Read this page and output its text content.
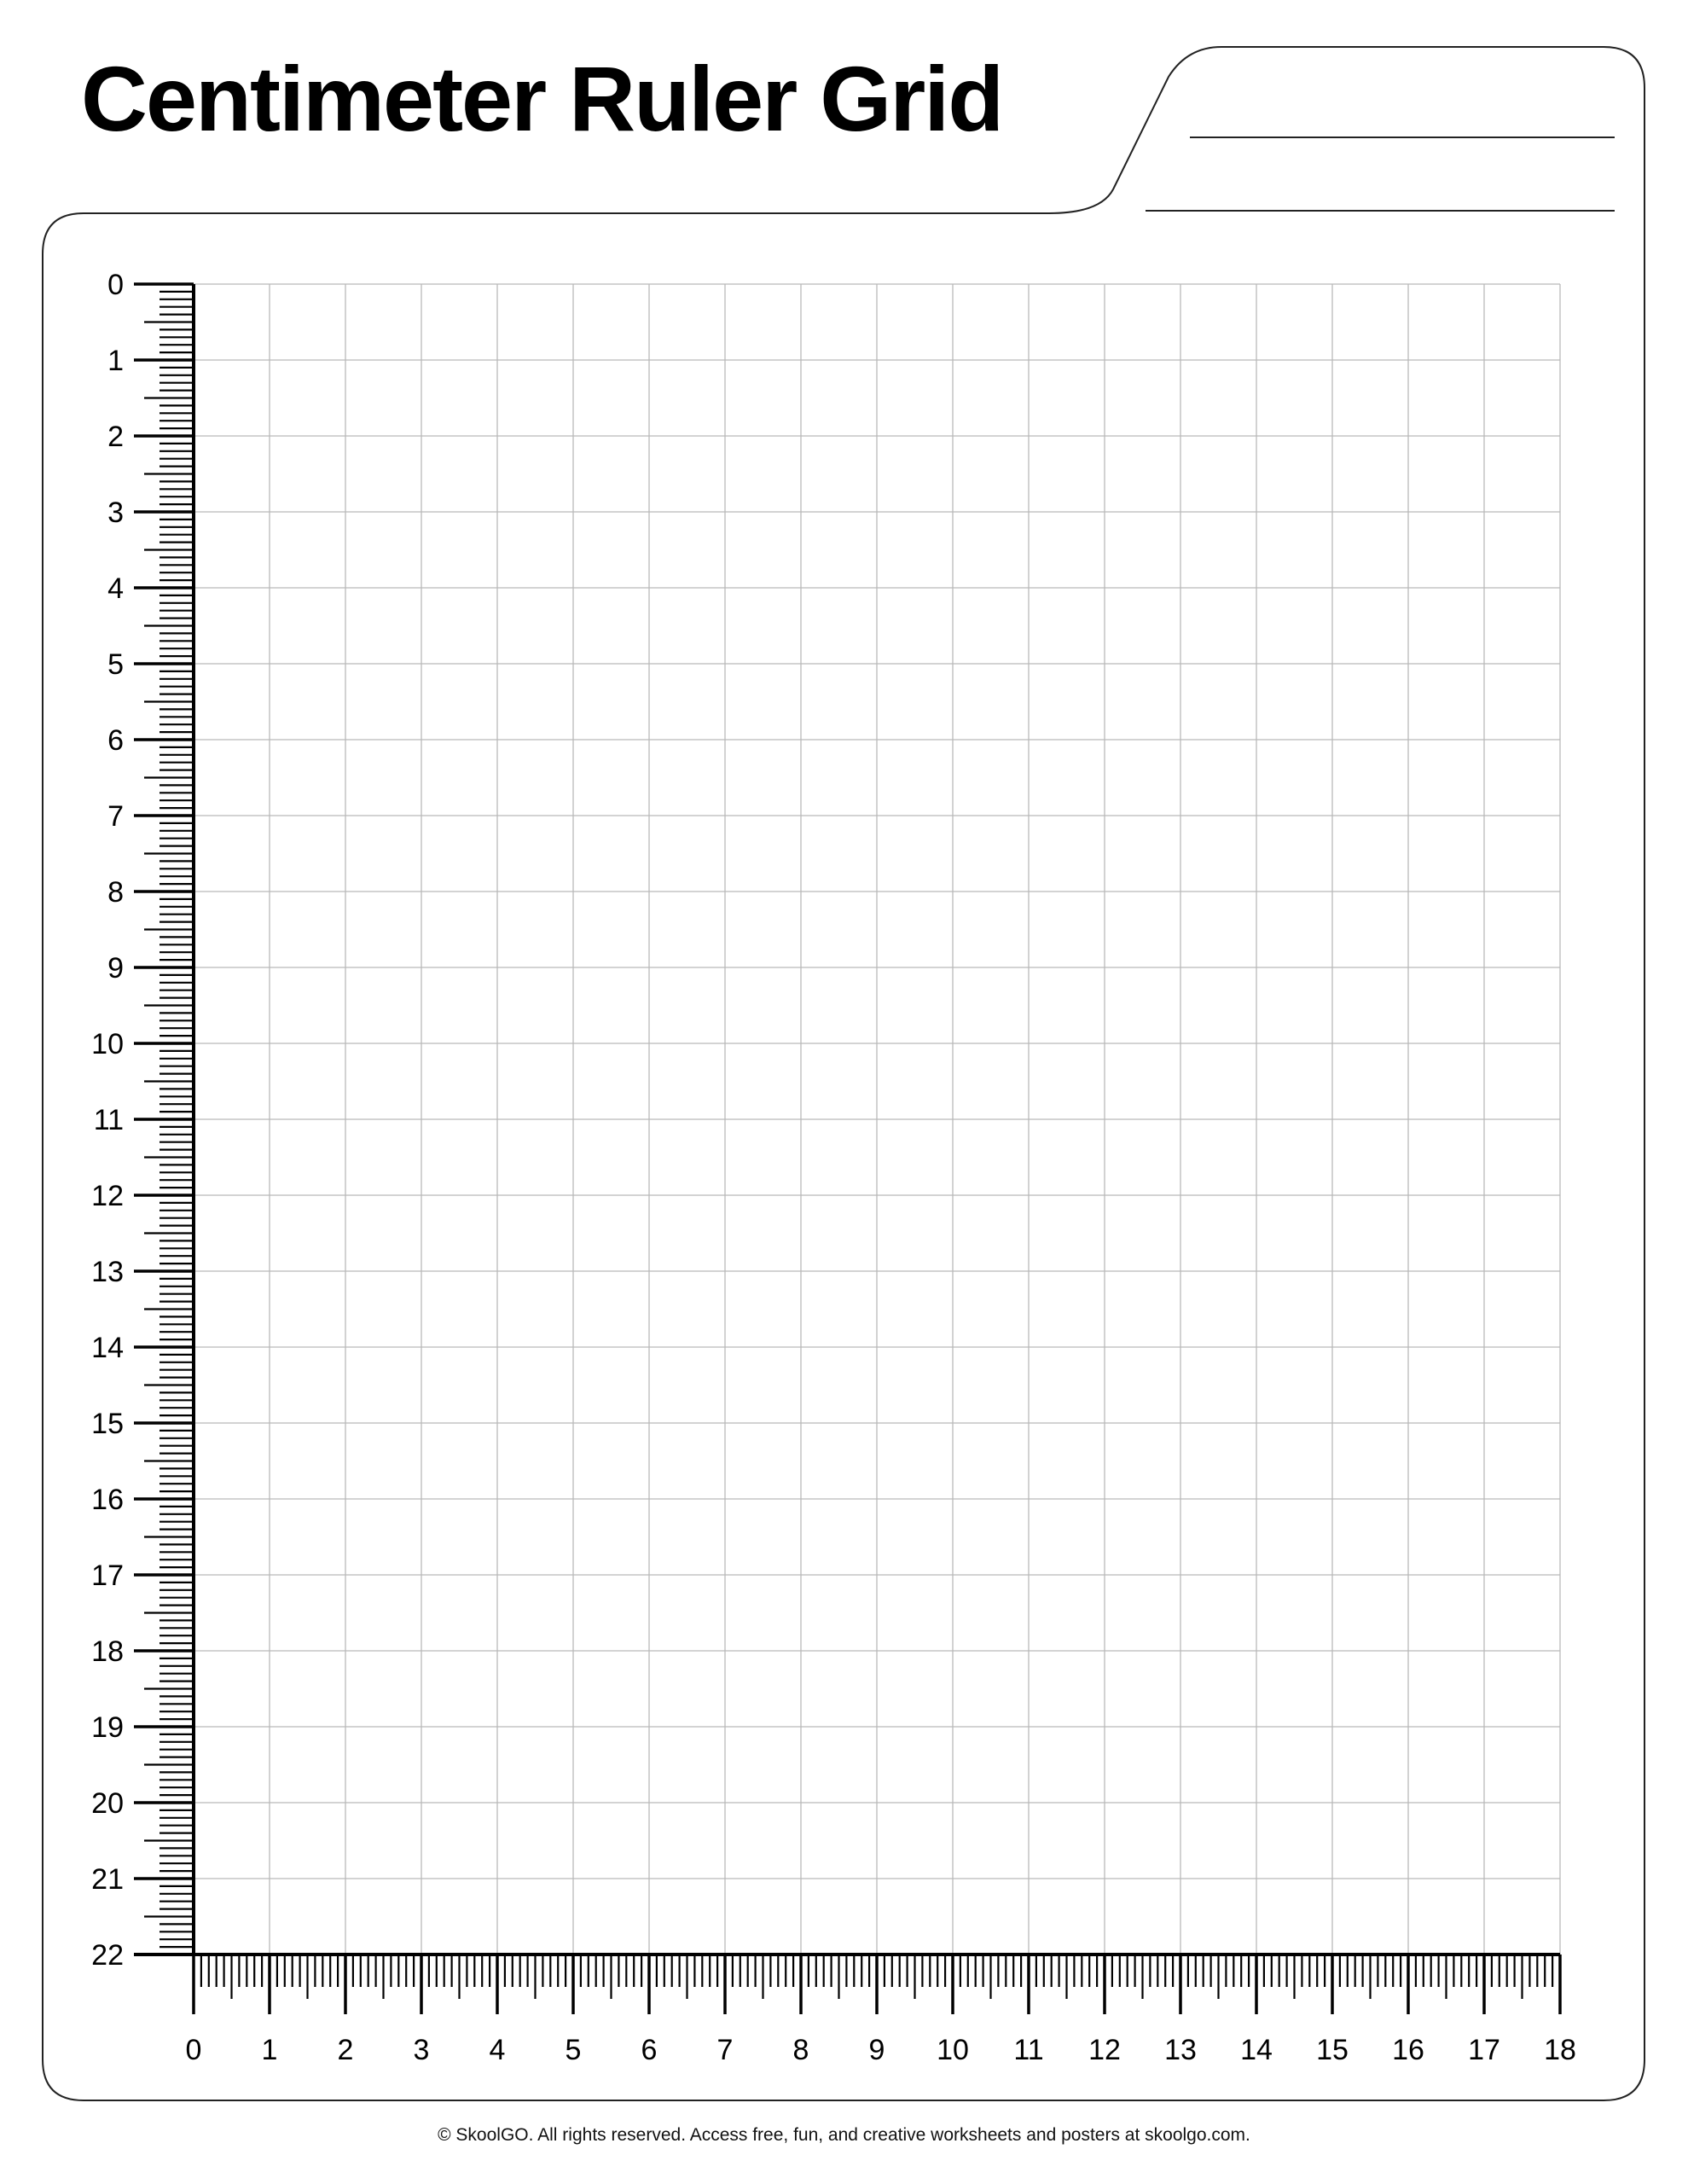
0
1
2
3
4
5
6
7
8
9
10
11
12
13
14
15
16
17
18
19
20
21
22
0 1 2 3 4 5 6 7 8 9 10 11 12 13 14 15 16 17 18
Centimeter Ruler Grid
© SkoolGO. All rights reserved. Access free, fun, and creative worksheets and posters at skoolgo.com.
